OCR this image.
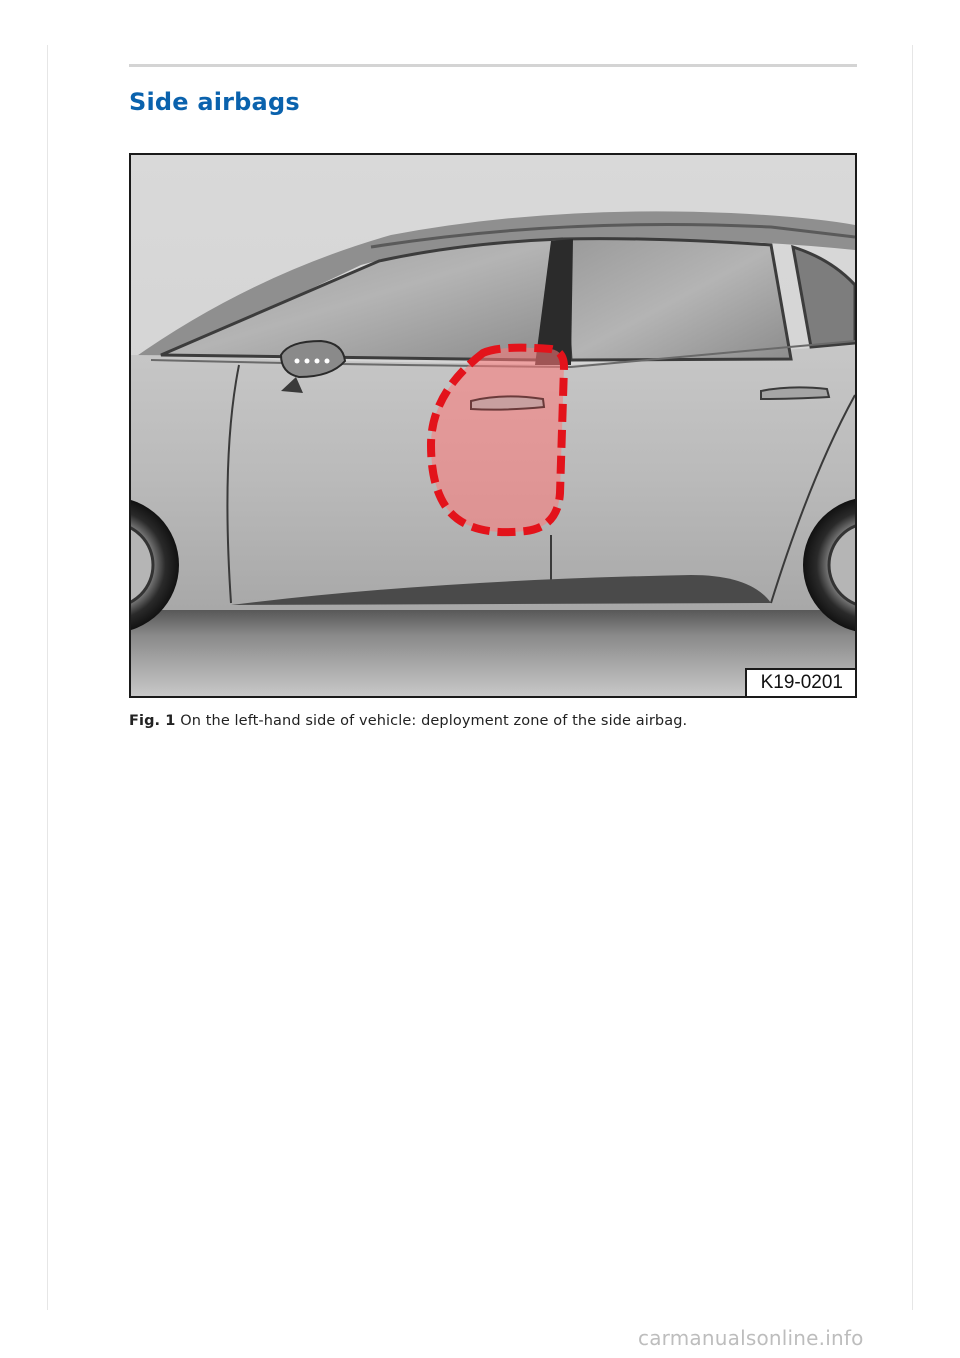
Side airbags
K19-0201

Fig. 1 On the left-hand side of vehicle: deployment zone of the side airbag.

carmanualsonline.info
